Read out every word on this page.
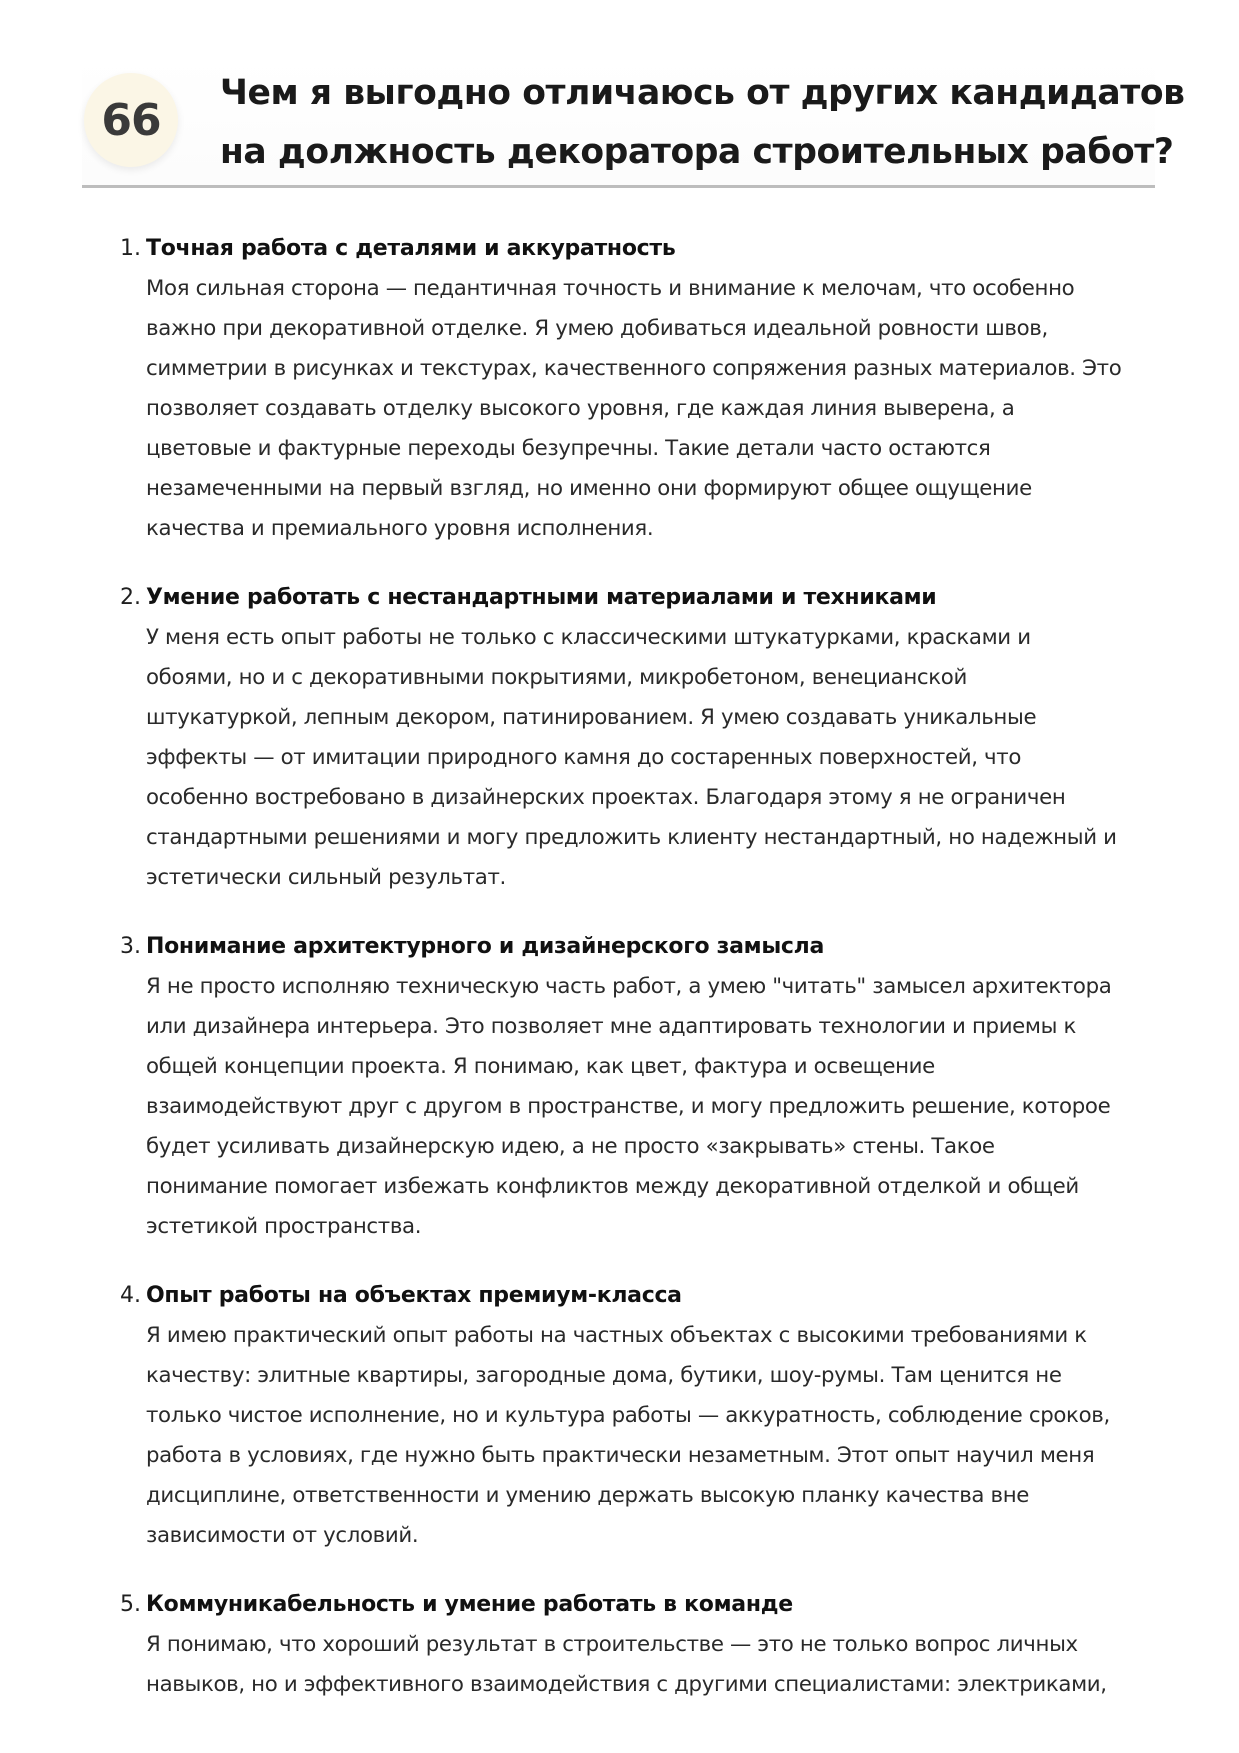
66
Чем я выгодно отличаюсь от других кандидатов
на должность декоратора строительных работ?
1. Точная работа с деталями и аккуратность
Моя сильная сторона — педантичная точность и внимание к мелочам, что особенно
важно при декоративной отделке. Я умею добиваться идеальной ровности швов,
симметрии в рисунках и текстурах, качественного сопряжения разных материалов. Это
позволяет создавать отделку высокого уровня, где каждая линия выверена, а
цветовые и фактурные переходы безупречны. Такие детали часто остаются
незамеченными на первый взгляд, но именно они формируют общее ощущение
качества и премиального уровня исполнения.
2. Умение работать с нестандартными материалами и техниками
У меня есть опыт работы не только с классическими штукатурками, красками и
обоями, но и с декоративными покрытиями, микробетоном, венецианской
штукатуркой, лепным декором, патинированием. Я умею создавать уникальные
эффекты — от имитации природного камня до состаренных поверхностей, что
особенно востребовано в дизайнерских проектах. Благодаря этому я не ограничен
стандартными решениями и могу предложить клиенту нестандартный, но надежный и
эстетически сильный результат.
3. Понимание архитектурного и дизайнерского замысла
Я не просто исполняю техническую часть работ, а умею "читать" замысел архитектора
или дизайнера интерьера. Это позволяет мне адаптировать технологии и приемы к
общей концепции проекта. Я понимаю, как цвет, фактура и освещение
взаимодействуют друг с другом в пространстве, и могу предложить решение, которое
будет усиливать дизайнерскую идею, а не просто «закрывать» стены. Такое
понимание помогает избежать конфликтов между декоративной отделкой и общей
эстетикой пространства.
4. Опыт работы на объектах премиум-класса
Я имею практический опыт работы на частных объектах с высокими требованиями к
качеству: элитные квартиры, загородные дома, бутики, шоу-румы. Там ценится не
только чистое исполнение, но и культура работы — аккуратность, соблюдение сроков,
работа в условиях, где нужно быть практически незаметным. Этот опыт научил меня
дисциплине, ответственности и умению держать высокую планку качества вне
зависимости от условий.
5. Коммуникабельность и умение работать в команде
Я понимаю, что хороший результат в строительстве — это не только вопрос личных
навыков, но и эффективного взаимодействия с другими специалистами: электриками,
